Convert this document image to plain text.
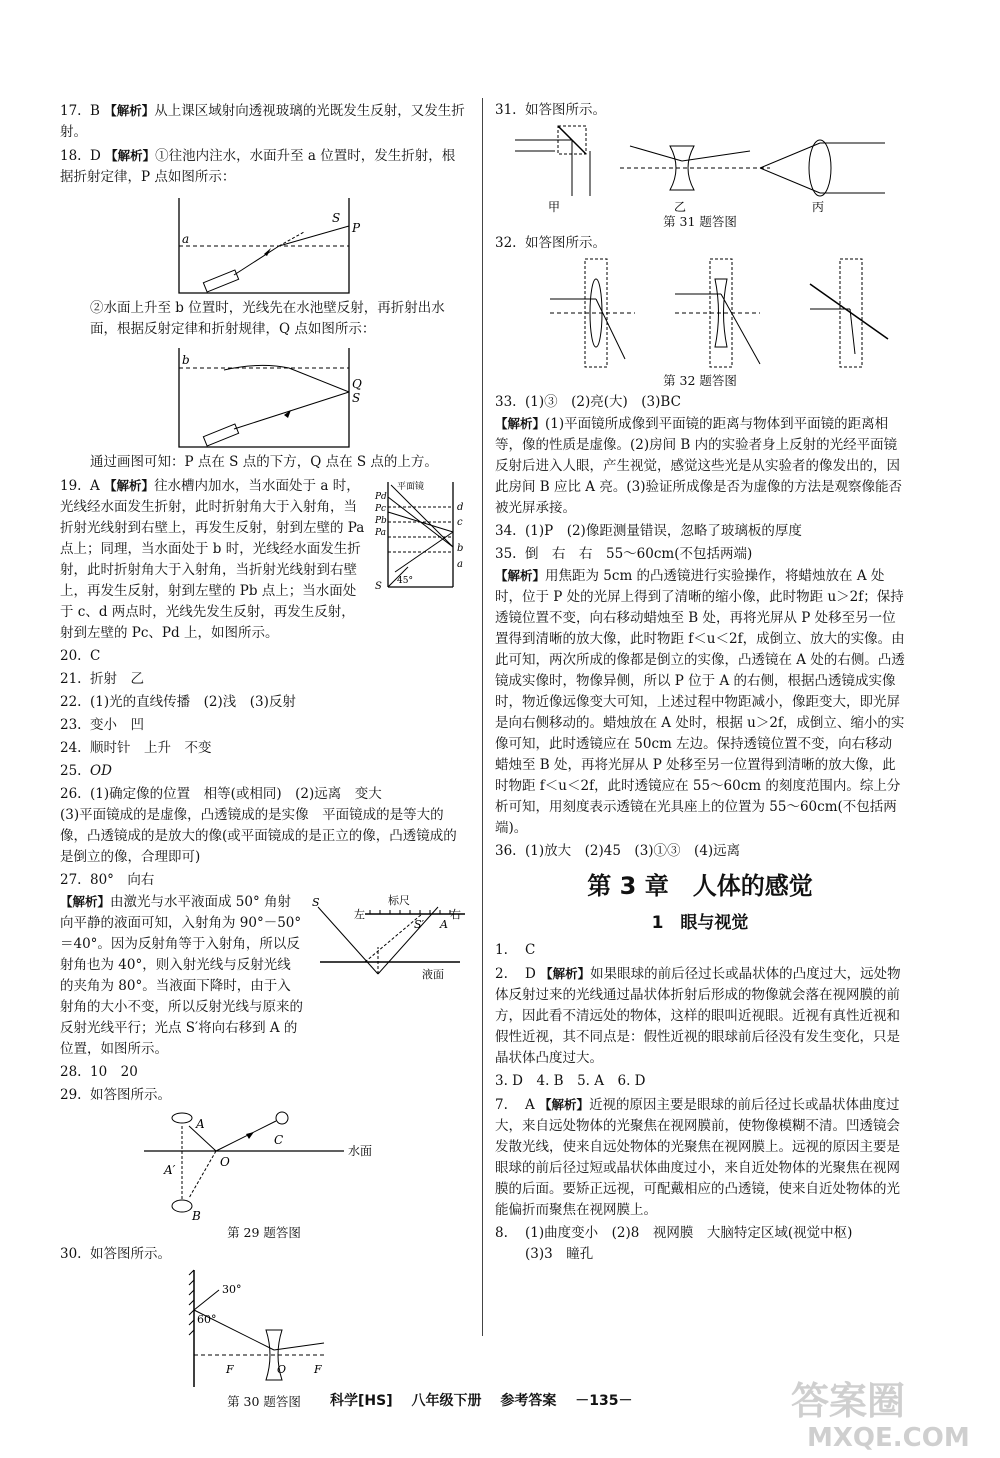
17. B 【解析】从上课区域射向透视玻璃的光既发生反射，又发生折射。
18. D 【解析】①往池内注水，水面升至 a 位置时，发生折射，根据折射定律，P 点如图所示：
a
S
P
②水面上升至 b 位置时，光线先在水池壁反射，再折射出水面，根据反射定律和折射规律，Q 点如图所示：
b
Q
S
通过画图可知：P 点在 S 点的下方，Q 点在 S 点的上方。
平面镜
Pd
Pc
Pb
Pa
d
c
b
a
S 45°
19. A 【解析】往水槽内加水，当水面处于 a 时，光线经水面发生折射，此时折射角大于入射角，当折射光线射到右壁上，再发生反射，射到左壁的 Pa 点上；同理，当水面处于 b 时，光线经水面发生折射，此时折射角大于入射角，当折射光线射到右壁上，再发生反射，射到左壁的 Pb 点上；当水面处于 c、d 两点时，光线先发生反射，再发生反射，射到左壁的 Pc、Pd 上，如图所示。
20. C
21. 折射　乙
22. (1)光的直线传播　(2)浅　(3)反射
23. 变小　凹
24. 顺时针　上升　不变
25. OD
26. (1)确定像的位置　相等(或相同)　(2)远离　变大
(3)平面镜成的是虚像，凸透镜成的是实像　平面镜成的是等大的像，凸透镜成的是放大的像(或平面镜成的是正立的像，凸透镜成的是倒立的像，合理即可)
27. 80°　向右
标尺
左	右
S
S′ A
液面
【解析】由激光与水平液面成 50° 角射向平静的液面可知，入射角为 90°－50°＝40°。因为反射角等于入射角，所以反射角也为 40°，则入射光线与反射光线的夹角为 80°。当液面下降时，由于入射角的大小不变，所以反射光线与原来的反射光线平行；光点 S′将向右移到 A 的位置，如图所示。
28. 10　20
29. 如答图所示。
A
A′
B
C
O
水面
第 29 题答图
30. 如答图所示。
30°
60°
F	O	F
第 30 题答图
31. 如答图所示。
甲	乙	丙
第 31 题答图
32. 如答图所示。
第 32 题答图
33. (1)③　(2)亮(大)　(3)BC
【解析】(1)平面镜所成像到平面镜的距离与物体到平面镜的距离相等，像的性质是虚像。(2)房间 B 内的实验者身上反射的光经平面镜反射后进入人眼，产生视觉，感觉这些光是从实验者的像发出的，因此房间 B 应比 A 亮。(3)验证所成像是否为虚像的方法是观察像能否被光屏承接。
34. (1)P　(2)像距测量错误，忽略了玻璃板的厚度
35. 倒　右　右　55～60cm(不包括两端)
【解析】用焦距为 5cm 的凸透镜进行实验操作，将蜡烛放在 A 处时，位于 P 处的光屏上得到了清晰的缩小像，此时物距 u＞2f；保持透镜位置不变，向右移动蜡烛至 B 处，再将光屏从 P 处移至另一位置得到清晰的放大像，此时物距 f＜u＜2f，成倒立、放大的实像。由此可知，两次所成的像都是倒立的实像，凸透镜在 A 处的右侧。凸透镜成实像时，物像异侧，所以 P 位于 A 的右侧，根据凸透镜成实像时，物近像远像变大可知，上述过程中物距减小，像距变大，即光屏是向右侧移动的。蜡烛放在 A 处时，根据 u＞2f，成倒立、缩小的实像可知，此时透镜应在 50cm 左边。保持透镜位置不变，向右移动蜡烛至 B 处，再将光屏从 P 处移至另一位置得到清晰的放大像，此时物距 f＜u＜2f，此时透镜应在 55～60cm 的刻度范围内。综上分析可知，用刻度表示透镜在光具座上的位置为 55～60cm(不包括两端)。
36. (1)放大　(2)45　(3)①③　(4)远离
第 3 章　人体的感觉
1　眼与视觉
1. C
2. D 【解析】如果眼球的前后径过长或晶状体的凸度过大，远处物体反射过来的光线通过晶状体折射后形成的物像就会落在视网膜的前方，因此看不清远处的物体，这样的眼叫近视眼。近视有真性近视和假性近视，其不同点是：假性近视的眼球前后径没有发生变化，只是晶状体凸度过大。
3. D　4. B　5. A　6. D
7. A 【解析】近视的原因主要是眼球的前后径过长或晶状体曲度过大，来自远处物体的光聚焦在视网膜前，使物像模糊不清。凹透镜会发散光线，使来自远处物体的光聚焦在视网膜上。远视的原因主要是眼球的前后径过短或晶状体曲度过小，来自近处物体的光聚焦在视网膜的后面。要矫正远视，可配戴相应的凸透镜，使来自近处物体的光能偏折而聚焦在视网膜上。
8. (1)曲度变小　(2)8　视网膜　大脑特定区域(视觉中枢)
(3)3　瞳孔
科学[HS] 八年级下册 参考答案 －135－	答案圈
MXQE.COM
